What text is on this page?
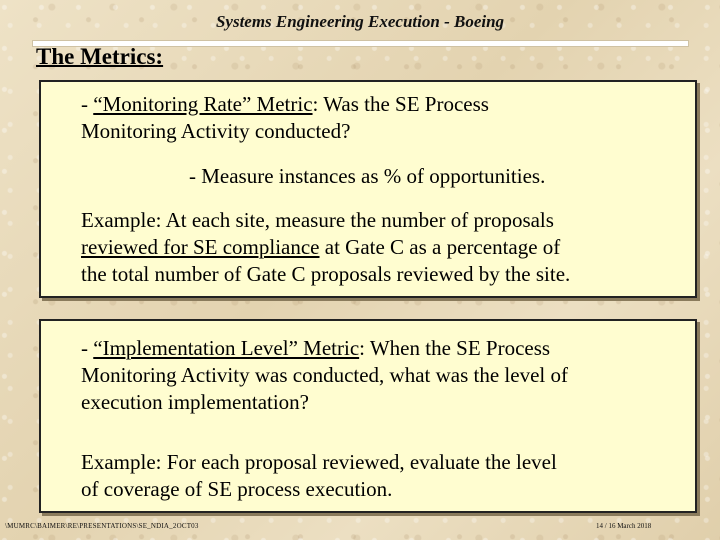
Systems Engineering Execution - Boeing
The Metrics:
- “Monitoring Rate” Metric: Was the SE Process
Monitoring Activity conducted?
- Measure instances as % of opportunities.
Example: At each site, measure the number of proposals
reviewed for SE compliance at Gate C as a percentage of
the total number of Gate C proposals reviewed by the site.
- “Implementation Level” Metric: When the SE Process
Monitoring Activity was conducted, what was the level of
execution implementation?
Example: For each proposal reviewed, evaluate the level
of coverage of SE process execution.
\MUMRC\BAIMER\RE\PRESENTATIONS\SE_NDIA_2OCT03	14 / 16 March 2018
